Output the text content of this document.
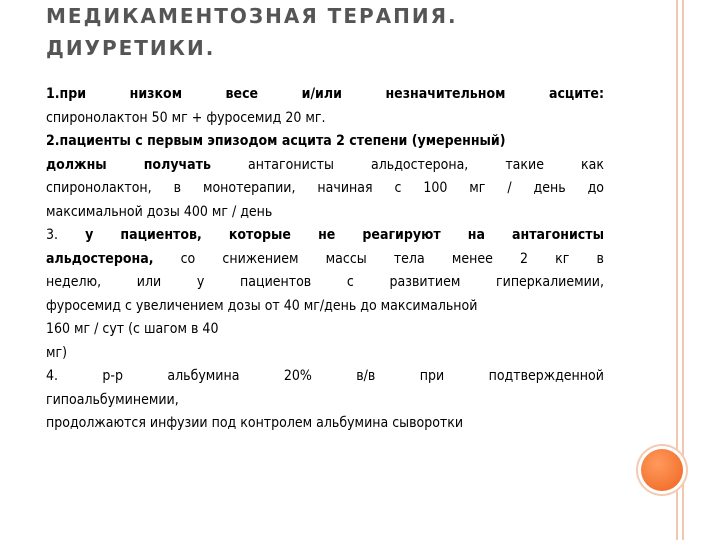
МЕДИКАМЕНТОЗНАЯ ТЕРАПИЯ.
ДИУРЕТИКИ.
1.при	низком	весе	и/или	незначительном	асците:
спиронолактон 50 мг + фуросемид 20 мг.
2.пациенты с первым эпизодом асцита 2 степени (умеренный)
должны	получать	антагонисты	альдостерона,	такие	как
спиронолактон, в монотерапии, начиная с 100 мг / день до
максимальной дозы 400 мг / день
3. у пациентов, которые не реагируют на антагонисты
альдостерона, со снижением массы тела менее 2 кг в
неделю,	или	у	пациентов	с	развитием	гиперкалиемии,
фуросемид с увеличением дозы от 40 мг/день до максимальной
160 мг / сут (с шагом в 40
мг)
4.	р-р	альбумина	20%	в/в	при	подтвержденной
гипоальбуминемии,
продолжаются инфузии под контролем альбумина сыворотки
